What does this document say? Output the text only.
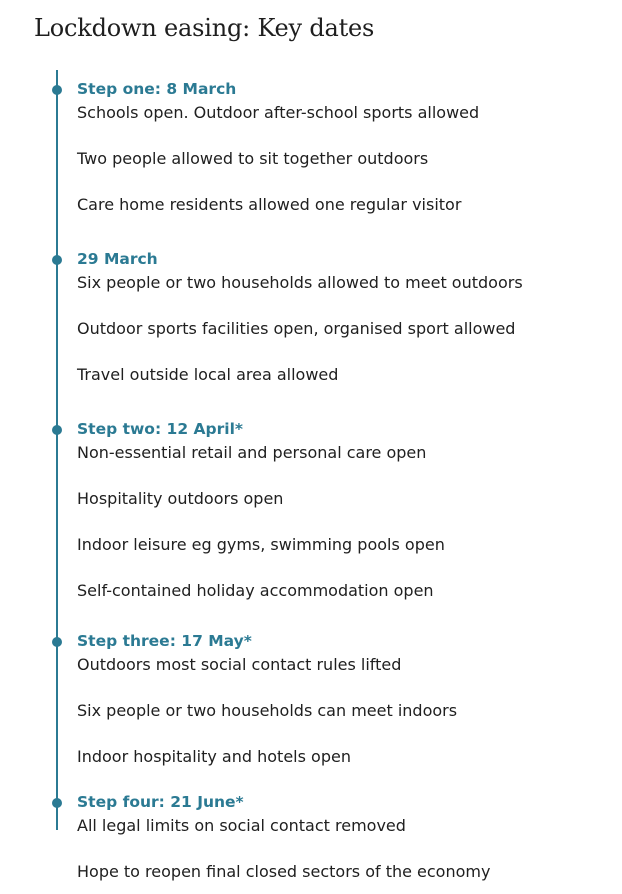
Lockdown easing: Key dates
Step one: 8 March
Schools open. Outdoor after-school sports allowed
Two people allowed to sit together outdoors
Care home residents allowed one regular visitor
29 March
Six people or two households allowed to meet outdoors
Outdoor sports facilities open, organised sport allowed
Travel outside local area allowed
Step two: 12 April*
Non-essential retail and personal care open
Hospitality outdoors open
Indoor leisure eg gyms, swimming pools open
Self-contained holiday accommodation open
Step three: 17 May*
Outdoors most social contact rules lifted
Six people or two households can meet indoors
Indoor hospitality and hotels open
Step four: 21 June*
All legal limits on social contact removed
Hope to reopen final closed sectors of the economy
